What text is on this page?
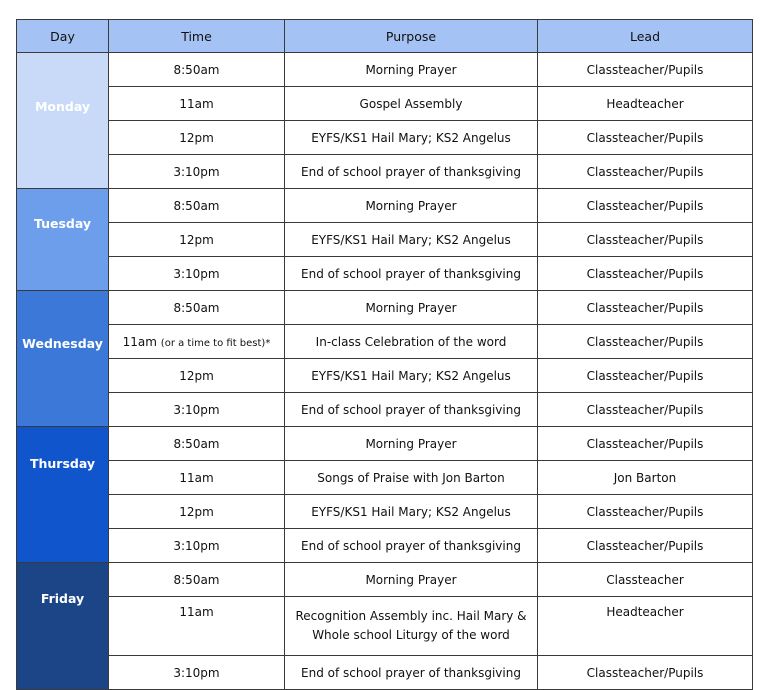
Day	Time	Purpose	Lead

Monday	8:50am	Morning Prayer	Classteacher/Pupils
	11am	Gospel Assembly	Headteacher
	12pm	EYFS/KS1 Hail Mary; KS2 Angelus	Classteacher/Pupils
	3:10pm	End of school prayer of thanksgiving	Classteacher/Pupils

Tuesday	8:50am	Morning Prayer	Classteacher/Pupils
	12pm	EYFS/KS1 Hail Mary; KS2 Angelus	Classteacher/Pupils
	3:10pm	End of school prayer of thanksgiving	Classteacher/Pupils

Wednesday	8:50am	Morning Prayer	Classteacher/Pupils
	11am (or a time to fit best)*	In-class Celebration of the word	Classteacher/Pupils
	12pm	EYFS/KS1 Hail Mary; KS2 Angelus	Classteacher/Pupils
	3:10pm	End of school prayer of thanksgiving	Classteacher/Pupils

Thursday	8:50am	Morning Prayer	Classteacher/Pupils
	11am	Songs of Praise with Jon Barton	Jon Barton
	12pm	EYFS/KS1 Hail Mary; KS2 Angelus	Classteacher/Pupils
	3:10pm	End of school prayer of thanksgiving	Classteacher/Pupils

Friday	8:50am	Morning Prayer	Classteacher
	11am	Recognition Assembly inc. Hail Mary &
Whole school Liturgy of the word	Headteacher
	3:10pm	End of school prayer of thanksgiving	Classteacher/Pupils
